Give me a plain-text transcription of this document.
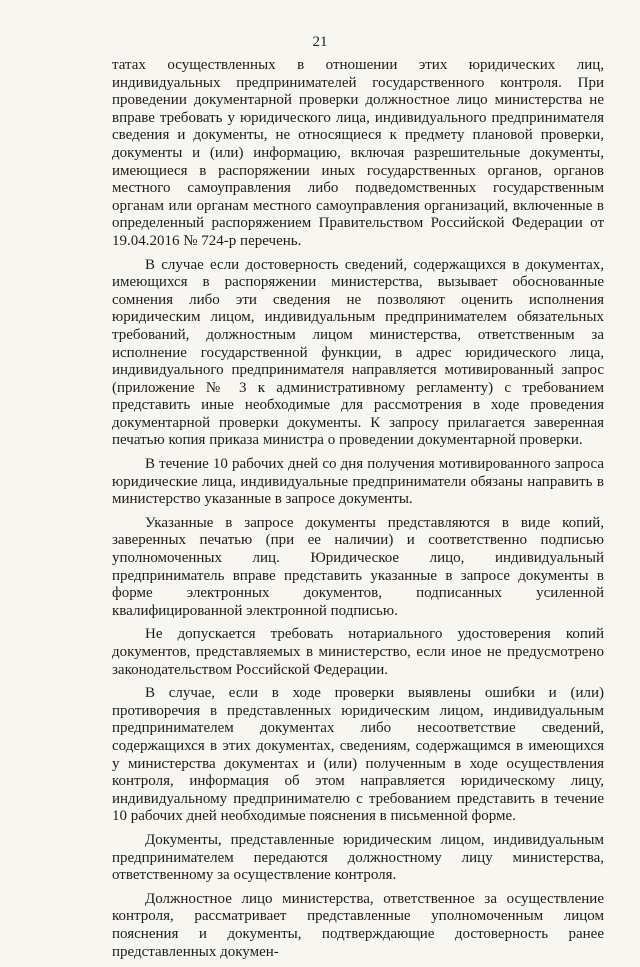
21

татах осуществленных в отношении этих юридических лиц, индивидуальных предпринимателей государственного контроля. При проведении документарной проверки должностное лицо министерства не вправе требовать у юридического лица, индивидуального предпринимателя сведения и документы, не относящиеся к предмету плановой проверки, документы и (или) информацию, включая разрешительные документы, имеющиеся в распоряжении иных государственных органов, органов местного самоуправления либо подведомственных государственным органам или органам местного самоуправления организаций, включенные в определенный распоряжением Правительством Российской Федерации от 19.04.2016 № 724-р перечень.

В случае если достоверность сведений, содержащихся в документах, имеющихся в распоряжении министерства, вызывает обоснованные сомнения либо эти сведения не позволяют оценить исполнения юридическим лицом, индивидуальным предпринимателем обязательных требований, должностным лицом министерства, ответственным за исполнение государственной функции, в адрес юридического лица, индивидуального предпринимателя направляется мотивированный запрос (приложение № 3 к административному регламенту) с требованием представить иные необходимые для рассмотрения в ходе проведения документарной проверки документы. К запросу прилагается заверенная печатью копия приказа министра о проведении документарной проверки.

В течение 10 рабочих дней со дня получения мотивированного запроса юридические лица, индивидуальные предприниматели обязаны направить в министерство указанные в запросе документы.

Указанные в запросе документы представляются в виде копий, заверенных печатью (при ее наличии) и соответственно подписью уполномоченных лиц. Юридическое лицо, индивидуальный предприниматель вправе представить указанные в запросе документы в форме электронных документов, подписанных усиленной квалифицированной электронной подписью.

Не допускается требовать нотариального удостоверения копий документов, представляемых в министерство, если иное не предусмотрено законодательством Российской Федерации.

В случае, если в ходе проверки выявлены ошибки и (или) противоречия в представленных юридическим лицом, индивидуальным предпринимателем документах либо несоответствие сведений, содержащихся в этих документах, сведениям, содержащимся в имеющихся у министерства документах и (или) полученным в ходе осуществления контроля, информация об этом направляется юридическому лицу, индивидуальному предпринимателю с требованием представить в течение 10 рабочих дней необходимые пояснения в письменной форме.

Документы, представленные юридическим лицом, индивидуальным предпринимателем передаются должностному лицу министерства, ответственному за осуществление контроля.

Должностное лицо министерства, ответственное за осуществление контроля, рассматривает представленные уполномоченным лицом пояснения и документы, подтверждающие достоверность ранее представленных докумен-
